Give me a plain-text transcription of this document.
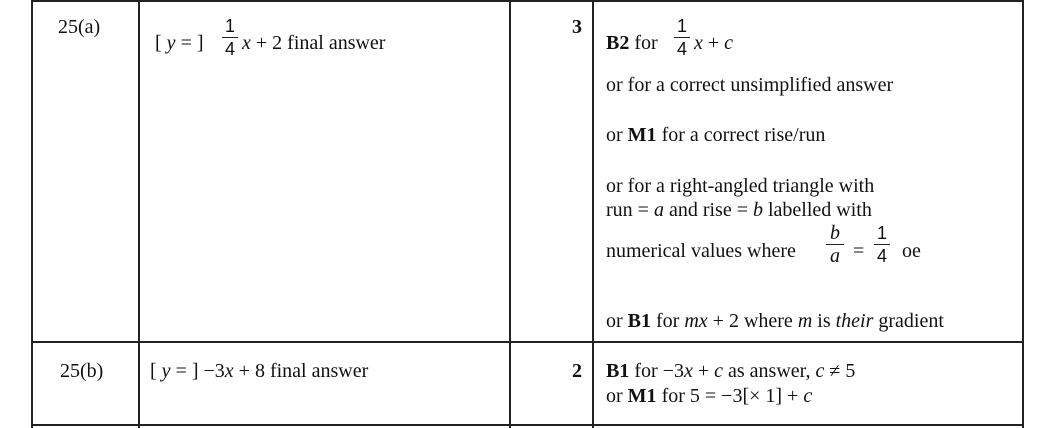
25(a)
[ y = ]
1
4 x + 2 final answer
3
B2 for
1
4 x + c
or for a correct unsimplified answer
or M1 for a correct rise/run
or for a right-angled triangle with
run = a and rise = b labelled with
numerical values where
b
a =
1
4 oe
or B1 for mx + 2 where m is their gradient
25(b) [ y = ] −3x + 8 final answer	2 B1 for −3x + c as answer, c ≠ 5
or M1 for 5 = −3[× 1] + c
